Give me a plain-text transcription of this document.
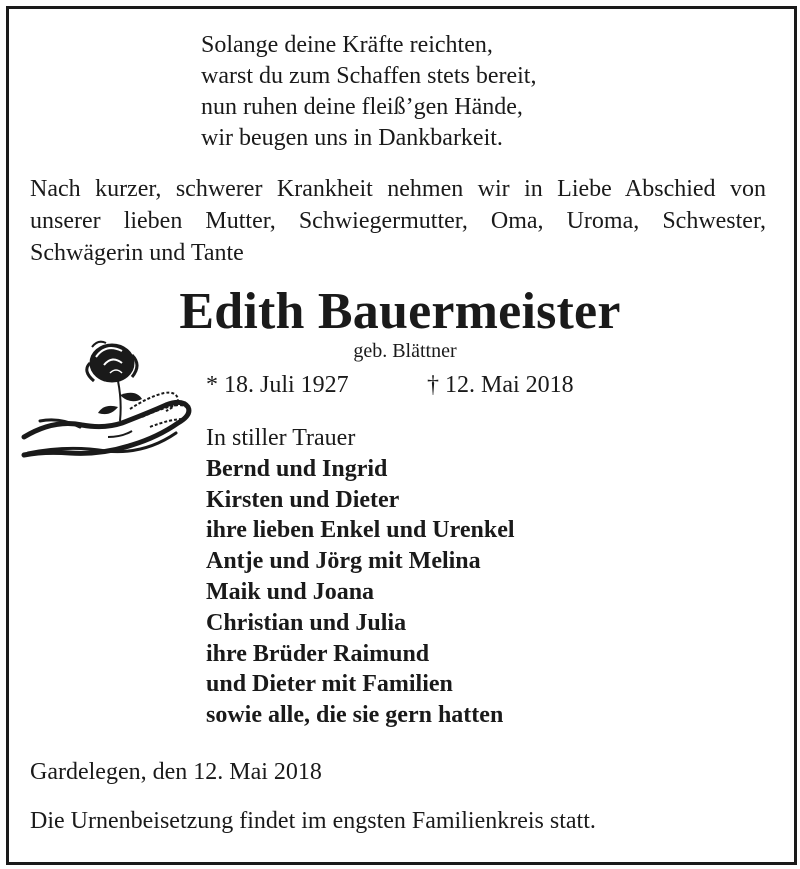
Solange deine Kräfte reichten,
warst du zum Schaffen stets bereit,
nun ruhen deine fleiß’gen Hände,
wir beugen uns in Dankbarkeit.
Nach kurzer, schwerer Krankheit nehmen wir in Liebe Abschied von unserer lieben Mutter, Schwiegermutter, Oma, Uroma, Schwester, Schwägerin und Tante
Edith Bauermeister
geb. Blättner
* 18. Juli 1927	† 12. Mai 2018
In stiller Trauer
Bernd und Ingrid
Kirsten und Dieter
ihre lieben Enkel und Urenkel
Antje und Jörg mit Melina
Maik und Joana
Christian und Julia
ihre Brüder Raimund
und Dieter mit Familien
sowie alle, die sie gern hatten
Gardelegen, den 12. Mai 2018
Die Urnenbeisetzung findet im engsten Familienkreis statt.
